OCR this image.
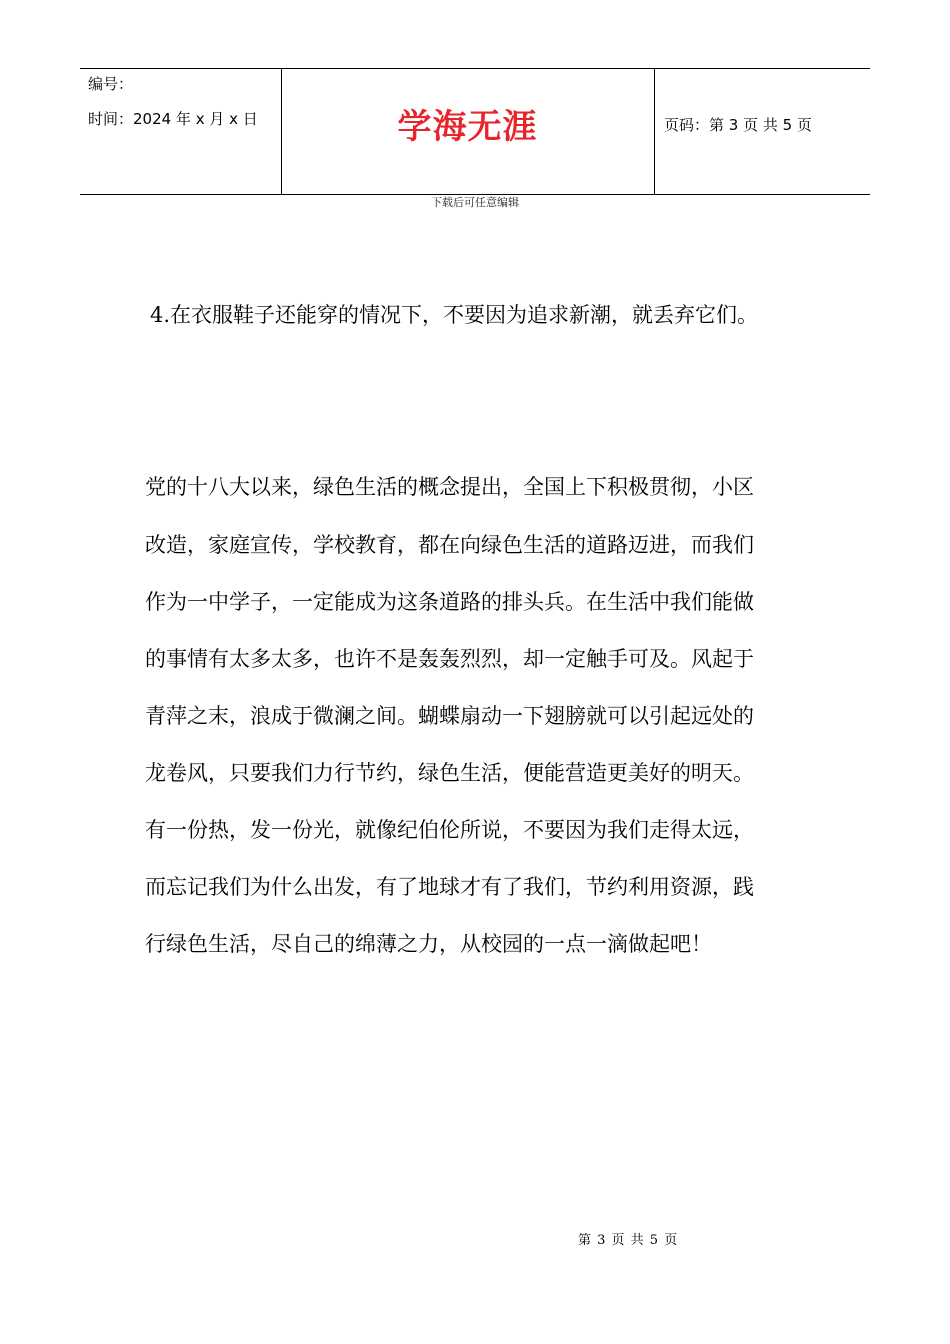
编号：
时间：2024 年 x 月 x 日	学海无涯	页码：第 3 页 共 5 页
下载后可任意编辑
4.在衣服鞋子还能穿的情况下，不要因为追求新潮，就丢弃它们。
党的十八大以来，绿色生活的概念提出，全国上下积极贯彻，小区
改造，家庭宣传，学校教育，都在向绿色生活的道路迈进，而我们
作为一中学子，一定能成为这条道路的排头兵。在生活中我们能做
的事情有太多太多，也许不是轰轰烈烈，却一定触手可及。风起于
青萍之末，浪成于微澜之间。蝴蝶扇动一下翅膀就可以引起远处的
龙卷风，只要我们力行节约，绿色生活，便能营造更美好的明天。
有一份热，发一份光，就像纪伯伦所说，不要因为我们走得太远，
而忘记我们为什么出发，有了地球才有了我们，节约利用资源，践
行绿色生活，尽自己的绵薄之力，从校园的一点一滴做起吧！
第 3 页 共 5 页
